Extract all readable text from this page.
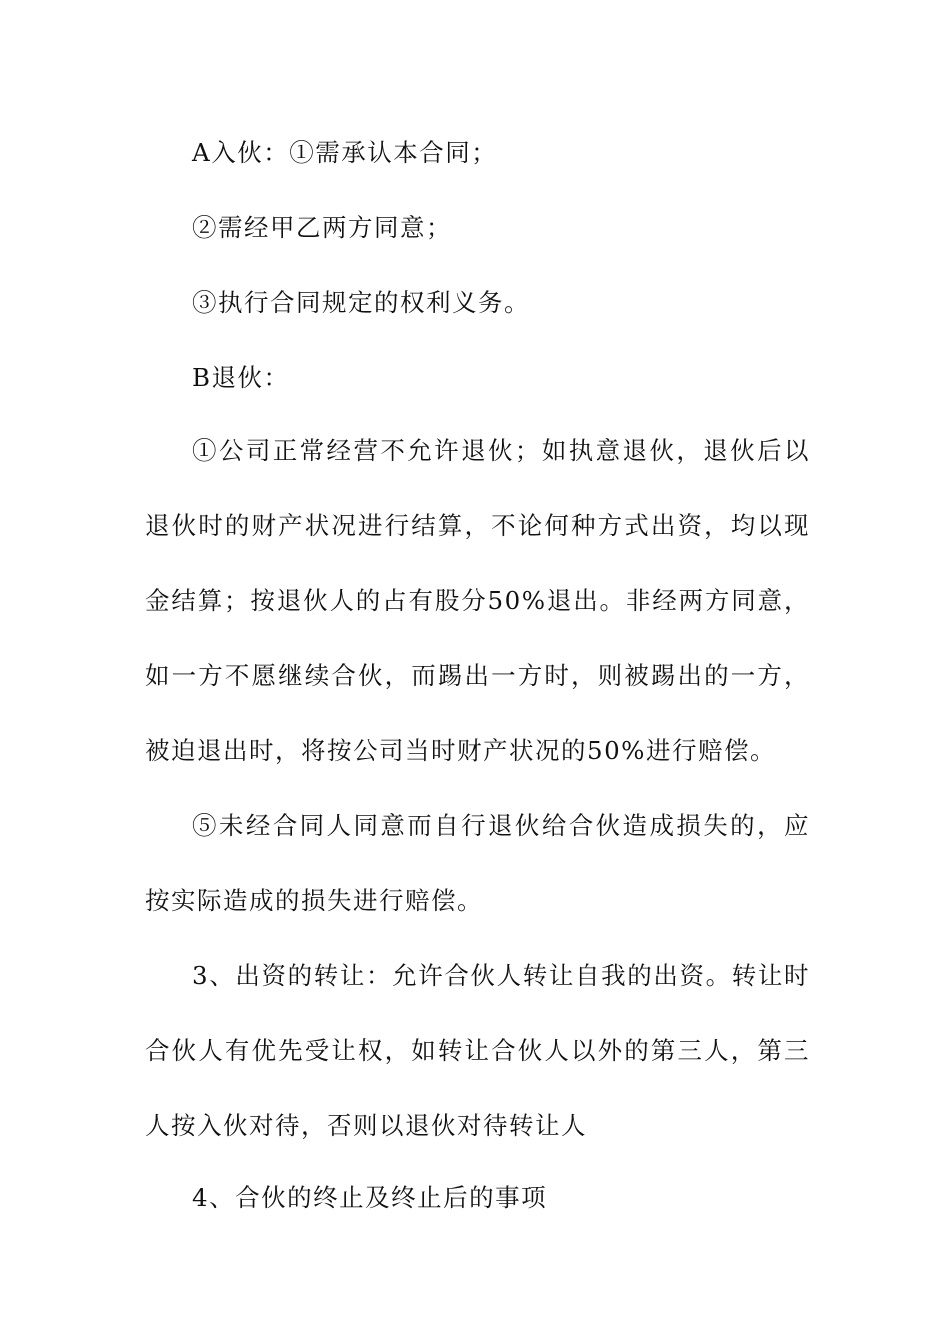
A入伙：①需承认本合同；

②需经甲乙两方同意；

③执行合同规定的权利义务。

B退伙：

①公司正常经营不允许退伙；如执意退伙，退伙后以退伙时的财产状况进行结算，不论何种方式出资，均以现金结算；按退伙人的占有股分50%退出。非经两方同意，如一方不愿继续合伙，而踢出一方时，则被踢出的一方，被迫退出时，将按公司当时财产状况的50%进行赔偿。

⑤未经合同人同意而自行退伙给合伙造成损失的，应按实际造成的损失进行赔偿。

3、出资的转让：允许合伙人转让自我的出资。转让时合伙人有优先受让权，如转让合伙人以外的第三人，第三人按入伙对待，否则以退伙对待转让人

4、合伙的终止及终止后的事项
